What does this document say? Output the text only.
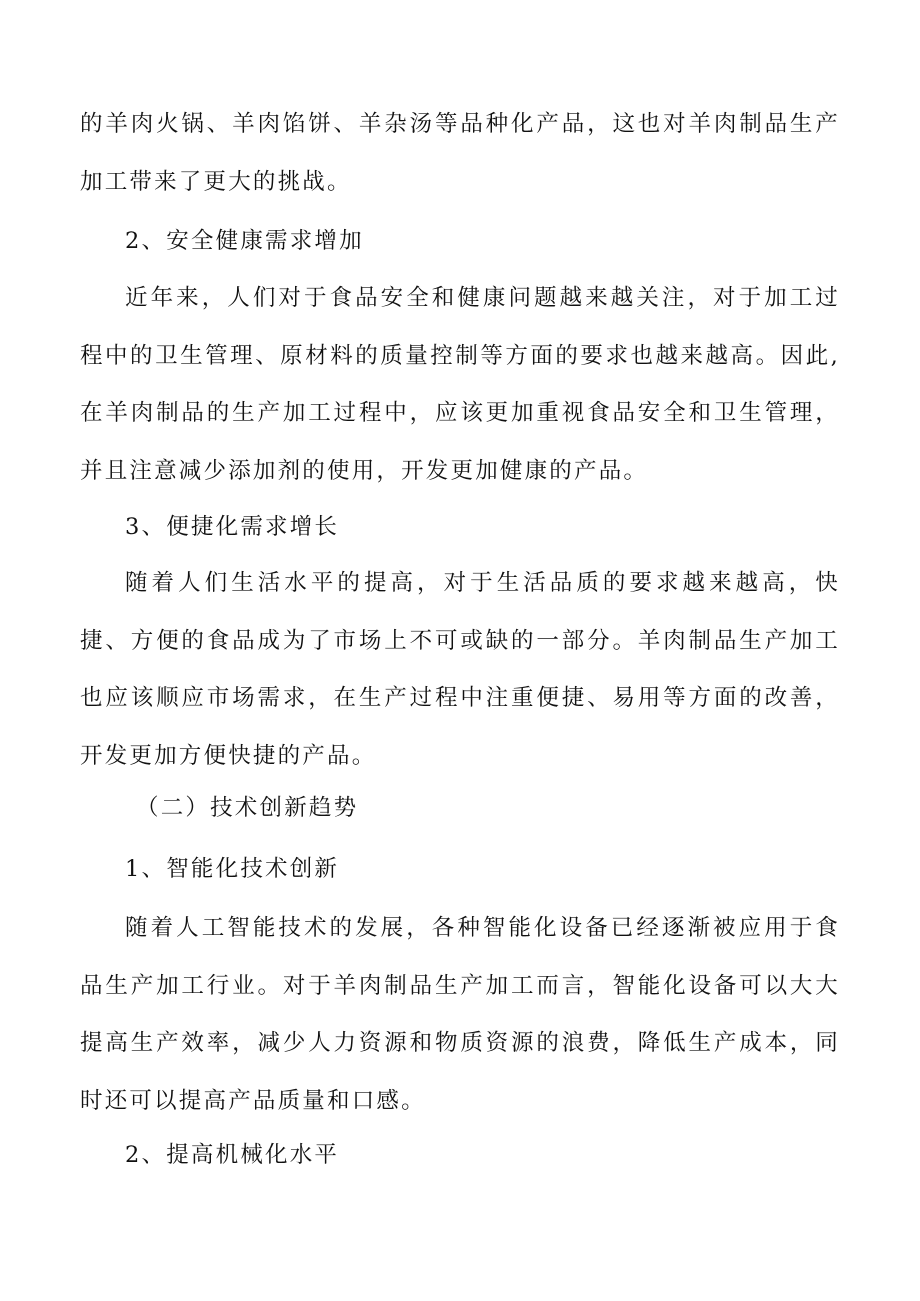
的羊肉火锅、羊肉馅饼、羊杂汤等品种化产品，这也对羊肉制品生产加工带来了更大的挑战。
2、安全健康需求增加
近年来，人们对于食品安全和健康问题越来越关注，对于加工过程中的卫生管理、原材料的质量控制等方面的要求也越来越高。因此,在羊肉制品的生产加工过程中，应该更加重视食品安全和卫生管理，并且注意减少添加剂的使用，开发更加健康的产品。
3、便捷化需求增长
随着人们生活水平的提高，对于生活品质的要求越来越高，快捷、方便的食品成为了市场上不可或缺的一部分。羊肉制品生产加工也应该顺应市场需求，在生产过程中注重便捷、易用等方面的改善，开发更加方便快捷的产品。
（二）技术创新趋势
1、智能化技术创新
随着人工智能技术的发展，各种智能化设备已经逐渐被应用于食品生产加工行业。对于羊肉制品生产加工而言，智能化设备可以大大提高生产效率，减少人力资源和物质资源的浪费，降低生产成本，同时还可以提高产品质量和口感。
2、提高机械化水平
